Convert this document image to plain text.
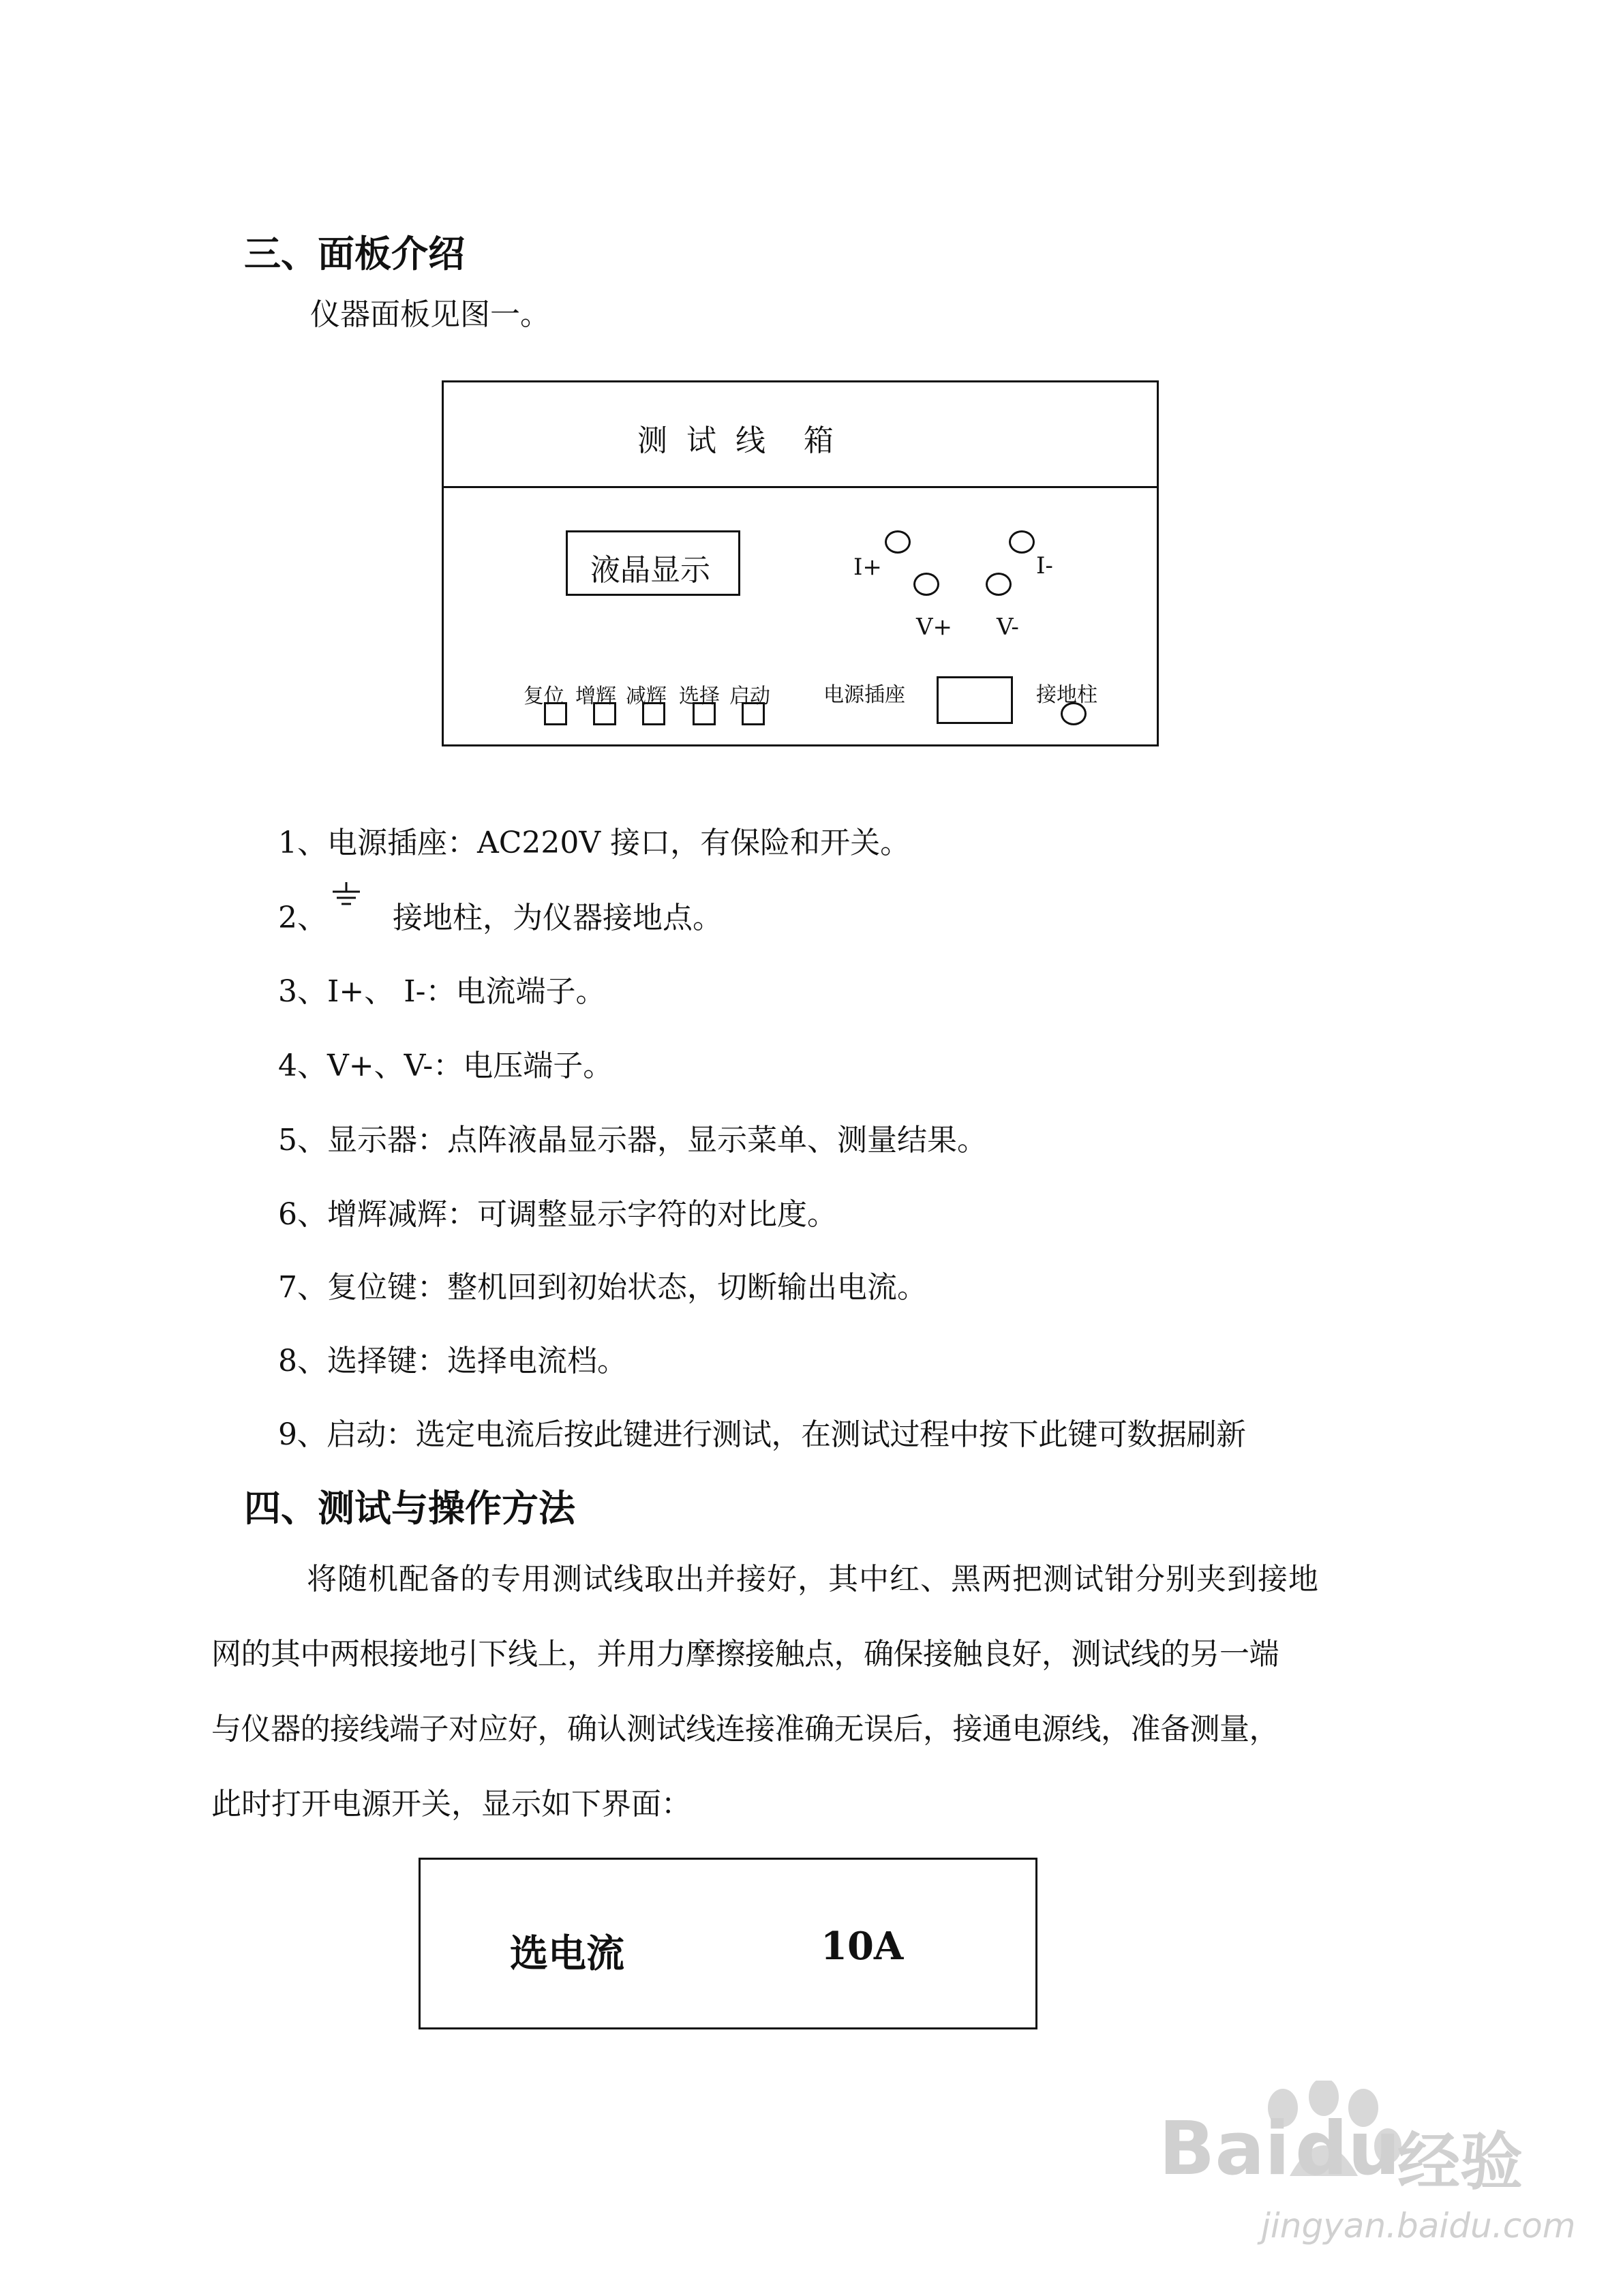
三、面板介绍
仪器面板见图一。
测  试  线    箱
液晶显示	I+	I-
V+ V-
复位 增辉 减辉 选择 启动	电源插座	接地柱
1、电源插座：AC220V 接口，有保险和开关。
2、 接地柱，为仪器接地点。
3、I+、 I-：电流端子。
4、V+、V-：电压端子。
5、显示器：点阵液晶显示器，显示菜单、测量结果。
6、增辉减辉：可调整显示字符的对比度。
7、复位键：整机回到初始状态，切断输出电流。
8、选择键：选择电流档。
9、启动：选定电流后按此键进行测试，在测试过程中按下此键可数据刷新
四、测试与操作方法
将随机配备的专用测试线取出并接好，其中红、黑两把测试钳分别夹到接地
网的其中两根接地引下线上，并用力摩擦接触点，确保接触良好，测试线的另一端
与仪器的接线端子对应好，确认测试线连接准确无误后，接通电源线，准备测量，
此时打开电源开关，显示如下界面：
选电流	10A
Bai du
经验
jingyan.baidu.com
